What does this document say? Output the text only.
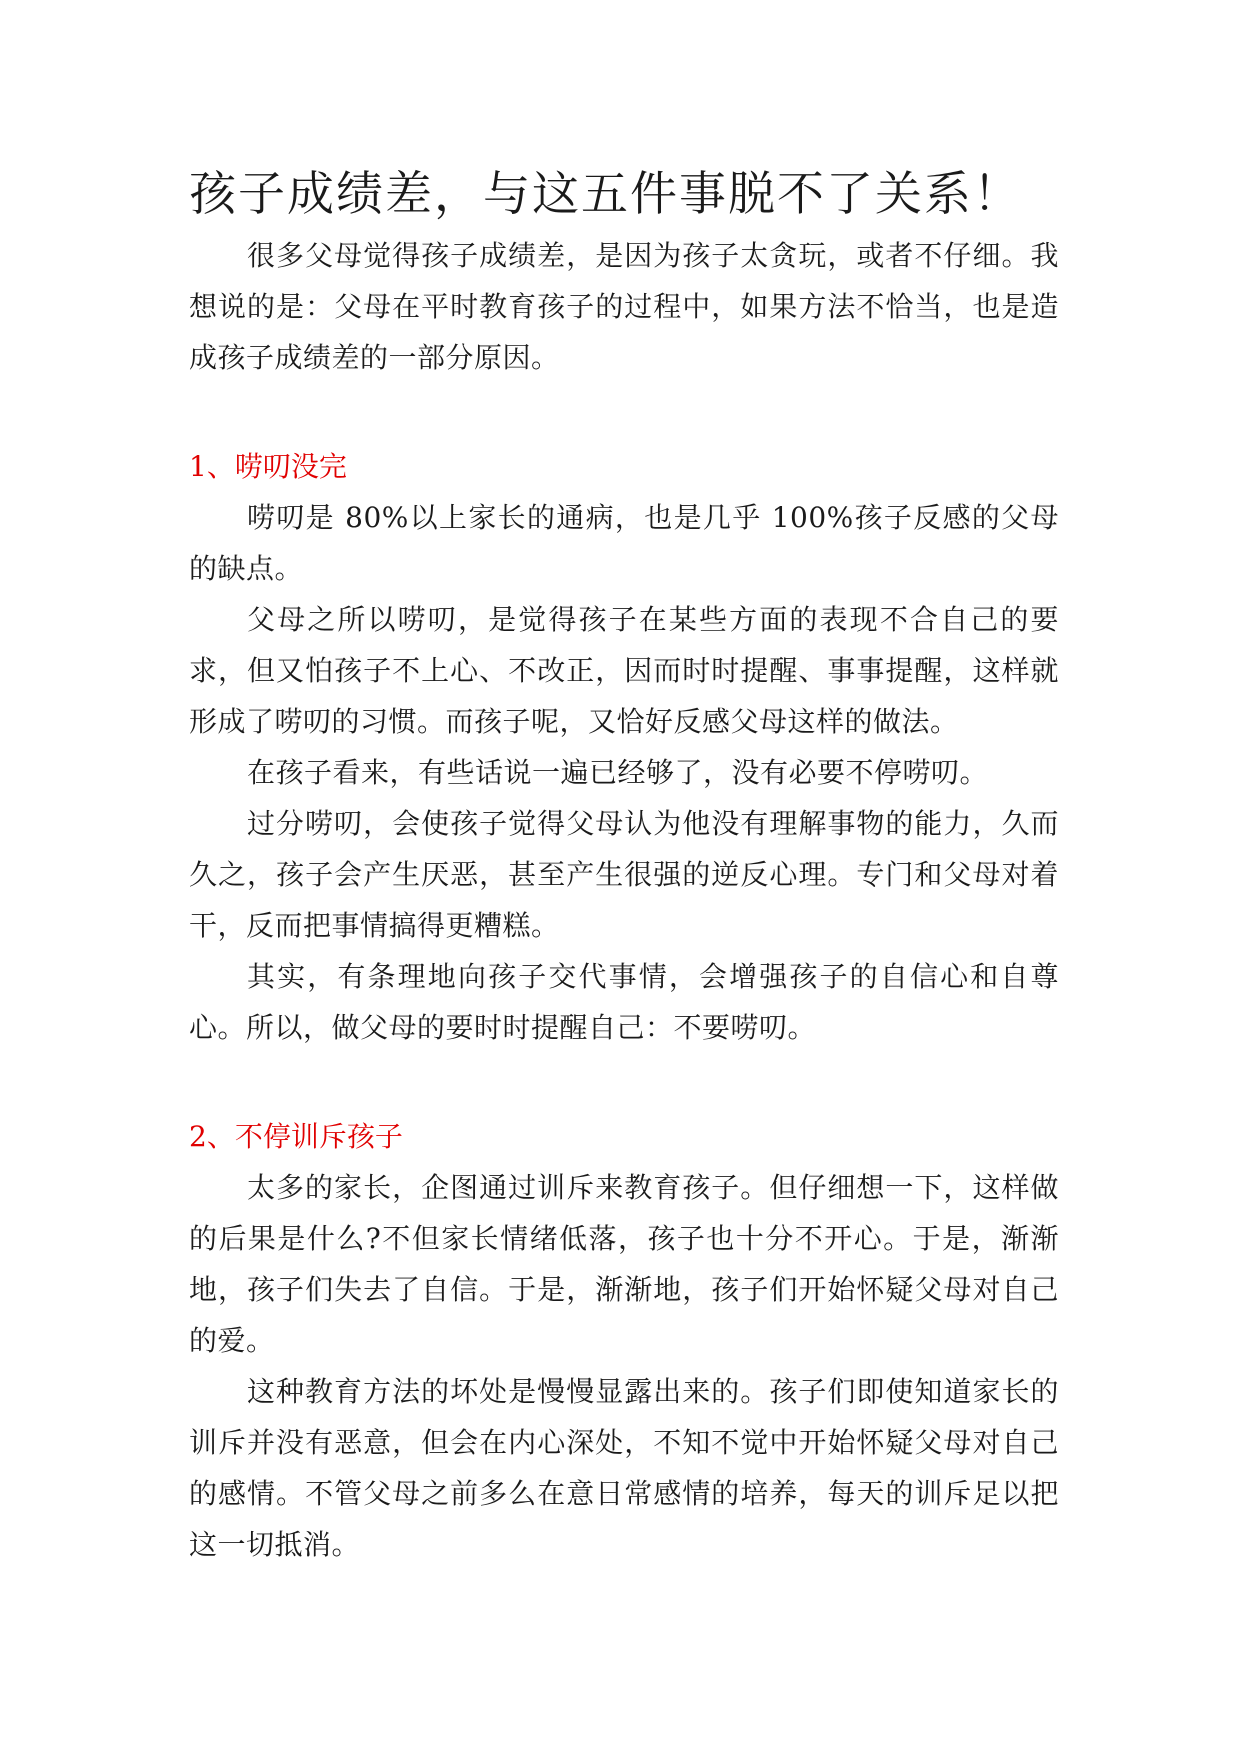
孩子成绩差，与这五件事脱不了关系！

很多父母觉得孩子成绩差，是因为孩子太贪玩，或者不仔细。我想说的是：父母在平时教育孩子的过程中，如果方法不恰当，也是造成孩子成绩差的一部分原因。

1、唠叨没完

唠叨是 80%以上家长的通病，也是几乎 100%孩子反感的父母的缺点。

父母之所以唠叨，是觉得孩子在某些方面的表现不合自己的要求，但又怕孩子不上心、不改正，因而时时提醒、事事提醒，这样就形成了唠叨的习惯。而孩子呢，又恰好反感父母这样的做法。

在孩子看来，有些话说一遍已经够了，没有必要不停唠叨。

过分唠叨，会使孩子觉得父母认为他没有理解事物的能力，久而久之，孩子会产生厌恶，甚至产生很强的逆反心理。专门和父母对着干，反而把事情搞得更糟糕。

其实，有条理地向孩子交代事情，会增强孩子的自信心和自尊心。所以，做父母的要时时提醒自己：不要唠叨。

2、不停训斥孩子

太多的家长，企图通过训斥来教育孩子。但仔细想一下，这样做的后果是什么?不但家长情绪低落，孩子也十分不开心。于是，渐渐地，孩子们失去了自信。于是，渐渐地，孩子们开始怀疑父母对自己的爱。

这种教育方法的坏处是慢慢显露出来的。孩子们即使知道家长的训斥并没有恶意，但会在内心深处，不知不觉中开始怀疑父母对自己的感情。不管父母之前多么在意日常感情的培养，每天的训斥足以把这一切抵消。
